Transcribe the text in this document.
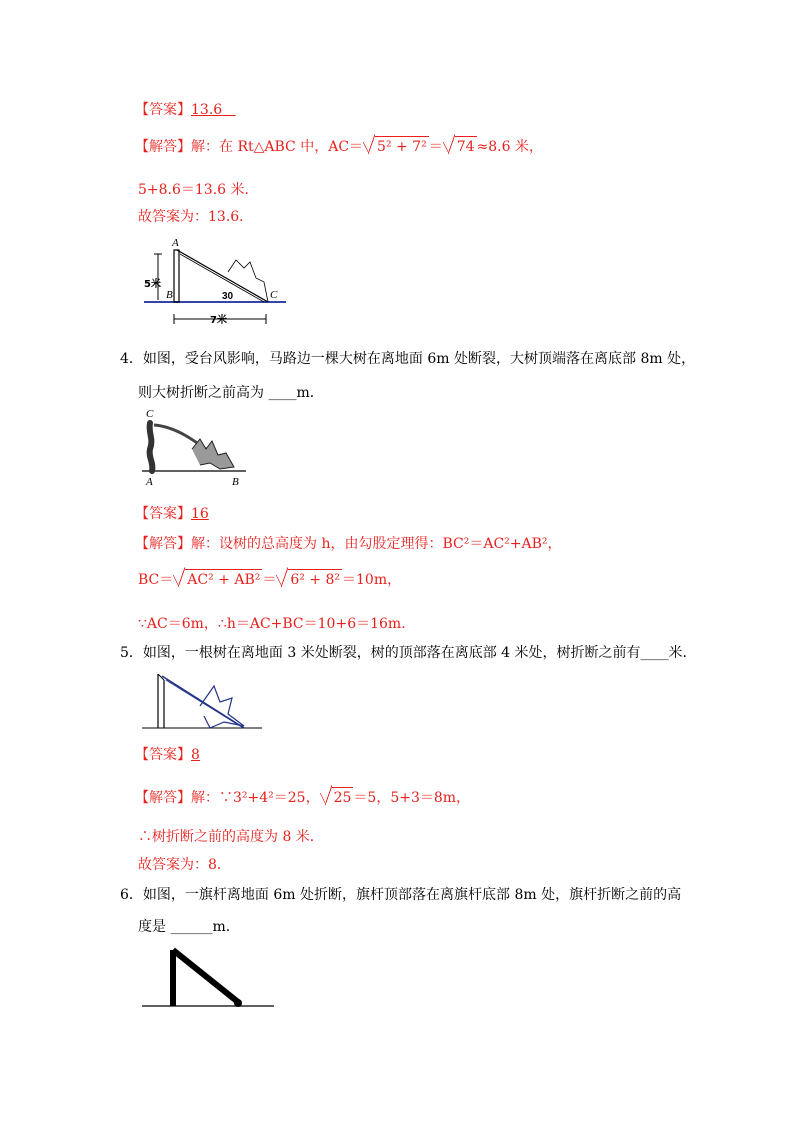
【答案】13.6
【解答】解：在 Rt△ABC 中，AC＝ 5² + 7² ＝ 74 ≈8.6 米，
5+8.6＝13.6 米．
故答案为：13.6．
A
B	C
30
5米
7米
4．如图，受台风影响，马路边一棵大树在离地面 6m 处断裂，大树顶端落在离底部 8m 处，
则大树折断之前高为 ____m．
C
A	B
【答案】16
【解答】解：设树的总高度为 h，由勾股定理得：BC²＝AC²+AB²，
BC＝ AC² + AB² ＝ 6² + 8² ＝10m，
∵AC＝6m，∴h＝AC+BC＝10+6＝16m．
5．如图，一根树在离地面 3 米处断裂，树的顶部落在离底部 4 米处，树折断之前有____米．
【答案】8
【解答】解：∵3²+4²＝25， 25 ＝5，5+3＝8m，
∴树折断之前的高度为 8 米．
故答案为：8．
6．如图，一旗杆离地面 6m 处折断，旗杆顶部落在离旗杆底部 8m 处，旗杆折断之前的高
度是 ______m．
